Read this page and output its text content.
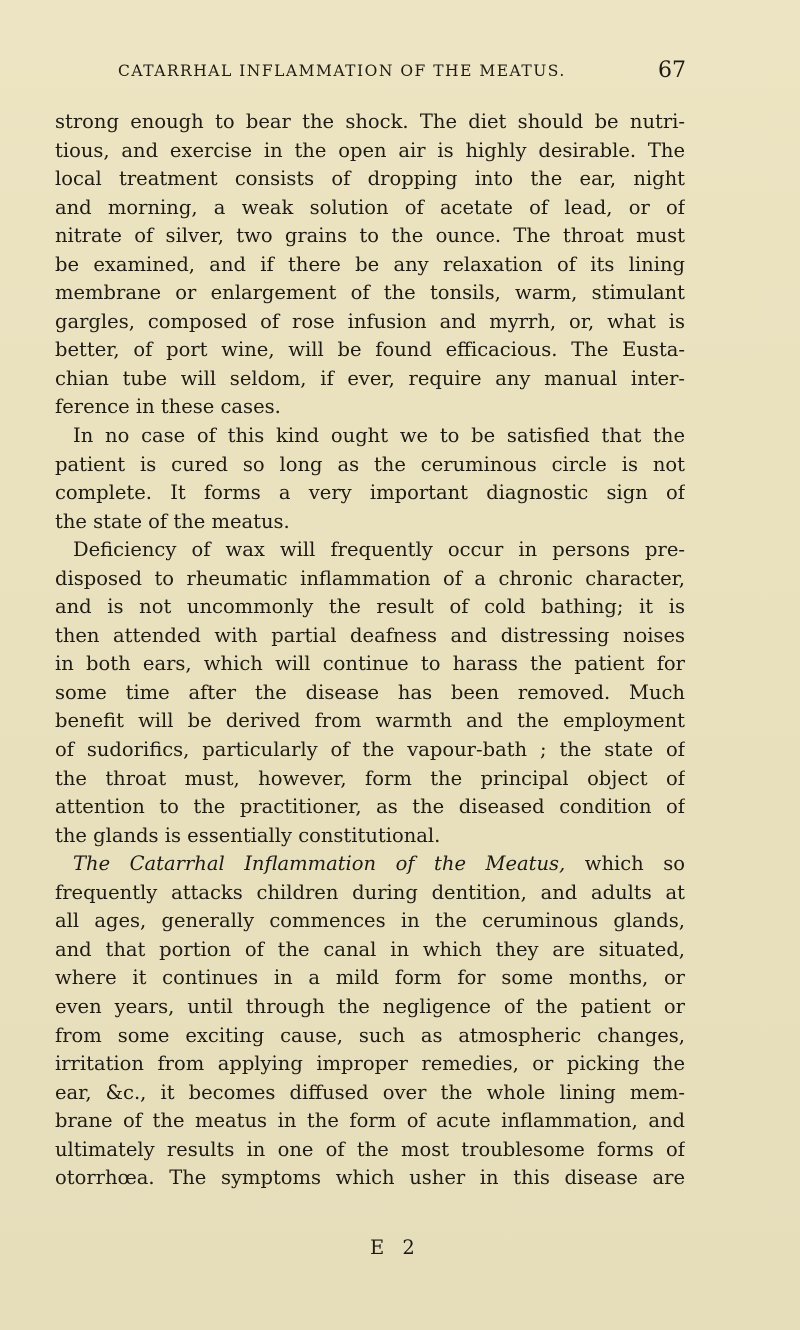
CATARRHAL INFLAMMATION OF THE MEATUS.	67
strong enough to bear the shock. The diet should be nutri-
tious, and exercise in the open air is highly desirable. The
local treatment consists of dropping into the ear, night
and morning, a weak solution of acetate of lead, or of
nitrate of silver, two grains to the ounce. The throat must
be examined, and if there be any relaxation of its lining
membrane or enlargement of the tonsils, warm, stimulant
gargles, composed of rose infusion and myrrh, or, what is
better, of port wine, will be found efficacious. The Eusta-
chian tube will seldom, if ever, require any manual inter-
ference in these cases.
In no case of this kind ought we to be satisfied that the
patient is cured so long as the ceruminous circle is not
complete. It forms a very important diagnostic sign of
the state of the meatus.
Deficiency of wax will frequently occur in persons pre-
disposed to rheumatic inflammation of a chronic character,
and is not uncommonly the result of cold bathing; it is
then attended with partial deafness and distressing noises
in both ears, which will continue to harass the patient for
some time after the disease has been removed. Much
benefit will be derived from warmth and the employment
of sudorifics, particularly of the vapour-bath ; the state of
the throat must, however, form the principal object of
attention to the practitioner, as the diseased condition of
the glands is essentially constitutional.
The Catarrhal Inflammation of the Meatus, which so
frequently attacks children during dentition, and adults at
all ages, generally commences in the ceruminous glands,
and that portion of the canal in which they are situated,
where it continues in a mild form for some months, or
even years, until through the negligence of the patient or
from some exciting cause, such as atmospheric changes,
irritation from applying improper remedies, or picking the
ear, &c., it becomes diffused over the whole lining mem-
brane of the meatus in the form of acute inflammation, and
ultimately results in one of the most troublesome forms of
otorrhœa. The symptoms which usher in this disease are
E 2
